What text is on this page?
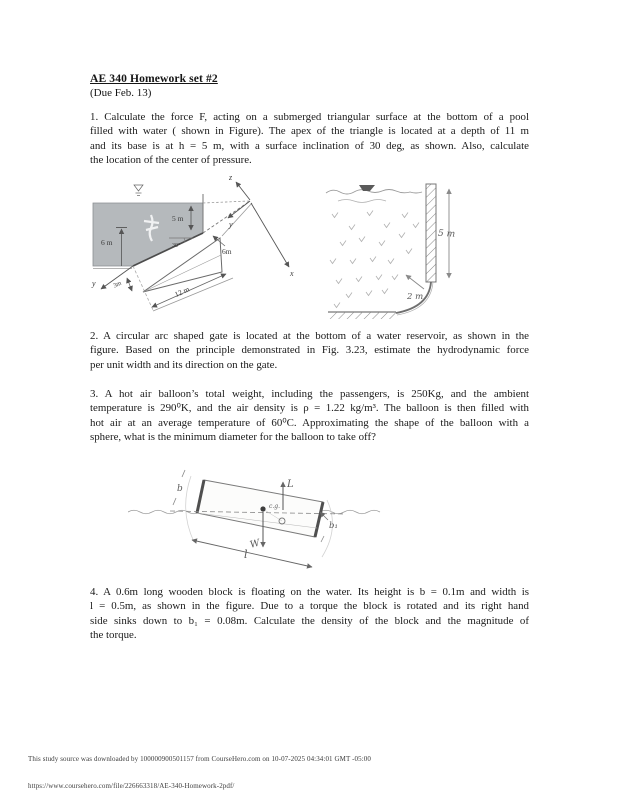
AE 340 Homework set #2
(Due Feb. 13)
1. Calculate the force F, acting on a submerged triangular surface at the bottom of a pool
filled with water ( shown in Figure). The apex of the triangle is located at a depth of 11 m
and its base is at h = 5 m, with a surface inclination of 30 deg, as shown. Also, calculate
the location of the center of pressure.
5 m
30°
6 m
6m
12 m
3m
z
y
x
y
5 m
2 m
2. A circular arc shaped gate is located at the bottom of a water reservoir, as shown in the
figure. Based on the principle demonstrated in Fig. 3.23, estimate the hydrodynamic force
per unit width and its direction on the gate.
3. A hot air balloon’s total weight, including the passengers, is 250Kg, and the ambient
temperature is 290⁰K, and the air density is ρ = 1.22 kg/m³. The balloon is then filled with
hot air at an average temperature of 60⁰C. Approximating the shape of the balloon with a
sphere, what is the minimum diameter for the balloon to take off?
L
c.g.
W
b
b₁
l
4. A 0.6m long wooden block is floating on the water. Its height is b = 0.1m and width is
l = 0.5m, as shown in the figure. Due to a torque the block is rotated and its right hand
side sinks down to b₁ = 0.08m. Calculate the density of the block and the magnitude of
the torque.
This study source was downloaded by 100000900501157 from CourseHero.com on 10-07-2025 04:34:01 GMT -05:00
https://www.coursehero.com/file/226663318/AE-340-Homework-2pdf/
